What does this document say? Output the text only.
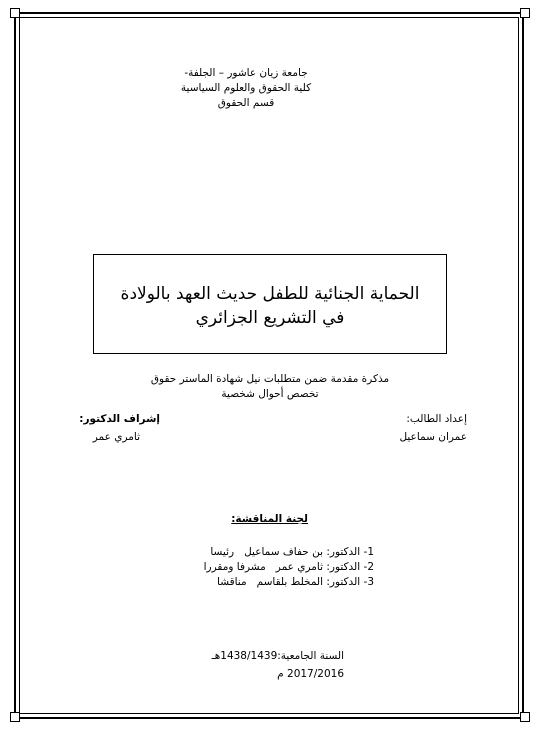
جامعة زيان عاشور – الجلفة-
كلية الحقوق والعلوم السياسية
قسم الحقوق
الحماية الجنائية للطفل حديث العهد بالولادة
في التشريع الجزائري
مذكرة مقدمة ضمن متطلبات نيل شهادة الماستر حقوق
تخصص أحوال شخصية
إعداد الطالب:
عمران سماعيل
إشراف الدكتور:
ثامري عمر
لجنة المناقشة:
1- الدكتور: بن حفاف سماعيل
رئيسا
2- الدكتور: ثامري عمر
مشرفا ومقررا
3- الدكتور: المخلط بلقاسم
مناقشا
السنة الجامعية:1438/1439هـ
2017/2016 م
